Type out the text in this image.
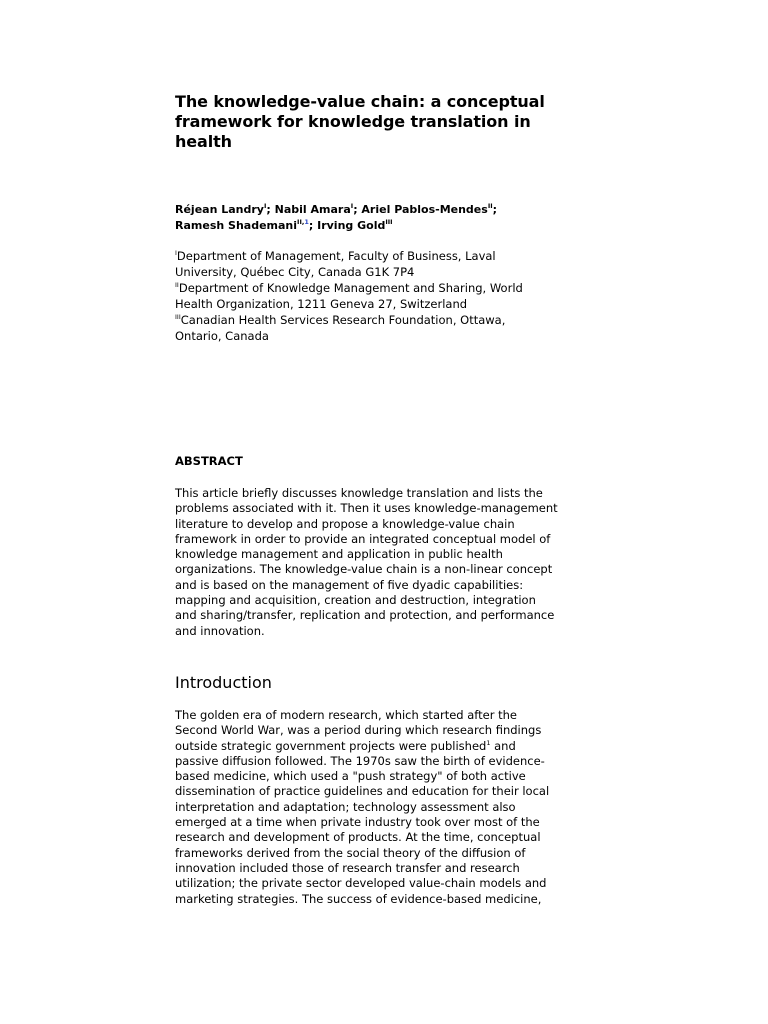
The knowledge-value chain: a conceptual
framework for knowledge translation in
health

Réjean Landry$^I$; Nabil Amara$^I$; Ariel Pablos-Mendes$^{II}$;
Ramesh Shademani$^{II,1}$; Irving Gold$^{III}$

$^I$Department of Management, Faculty of Business, Laval
University, Québec City, Canada G1K 7P4
$^{II}$Department of Knowledge Management and Sharing, World
Health Organization, 1211 Geneva 27, Switzerland
$^{III}$Canadian Health Services Research Foundation, Ottawa,
Ontario, Canada
ABSTRACT

This article briefly discusses knowledge translation and lists the
problems associated with it. Then it uses knowledge-management
literature to develop and propose a knowledge-value chain
framework in order to provide an integrated conceptual model of
knowledge management and application in public health
organizations. The knowledge-value chain is a non-linear concept
and is based on the management of five dyadic capabilities:
mapping and acquisition, creation and destruction, integration
and sharing/transfer, replication and protection, and performance
and innovation.

Introduction

The golden era of modern research, which started after the
Second World War, was a period during which research findings
outside strategic government projects were published$^1$ and
passive diffusion followed. The 1970s saw the birth of evidence-
based medicine, which used a "push strategy" of both active
dissemination of practice guidelines and education for their local
interpretation and adaptation; technology assessment also
emerged at a time when private industry took over most of the
research and development of products. At the time, conceptual
frameworks derived from the social theory of the diffusion of
innovation included those of research transfer and research
utilization; the private sector developed value-chain models and
marketing strategies. The success of evidence-based medicine,
